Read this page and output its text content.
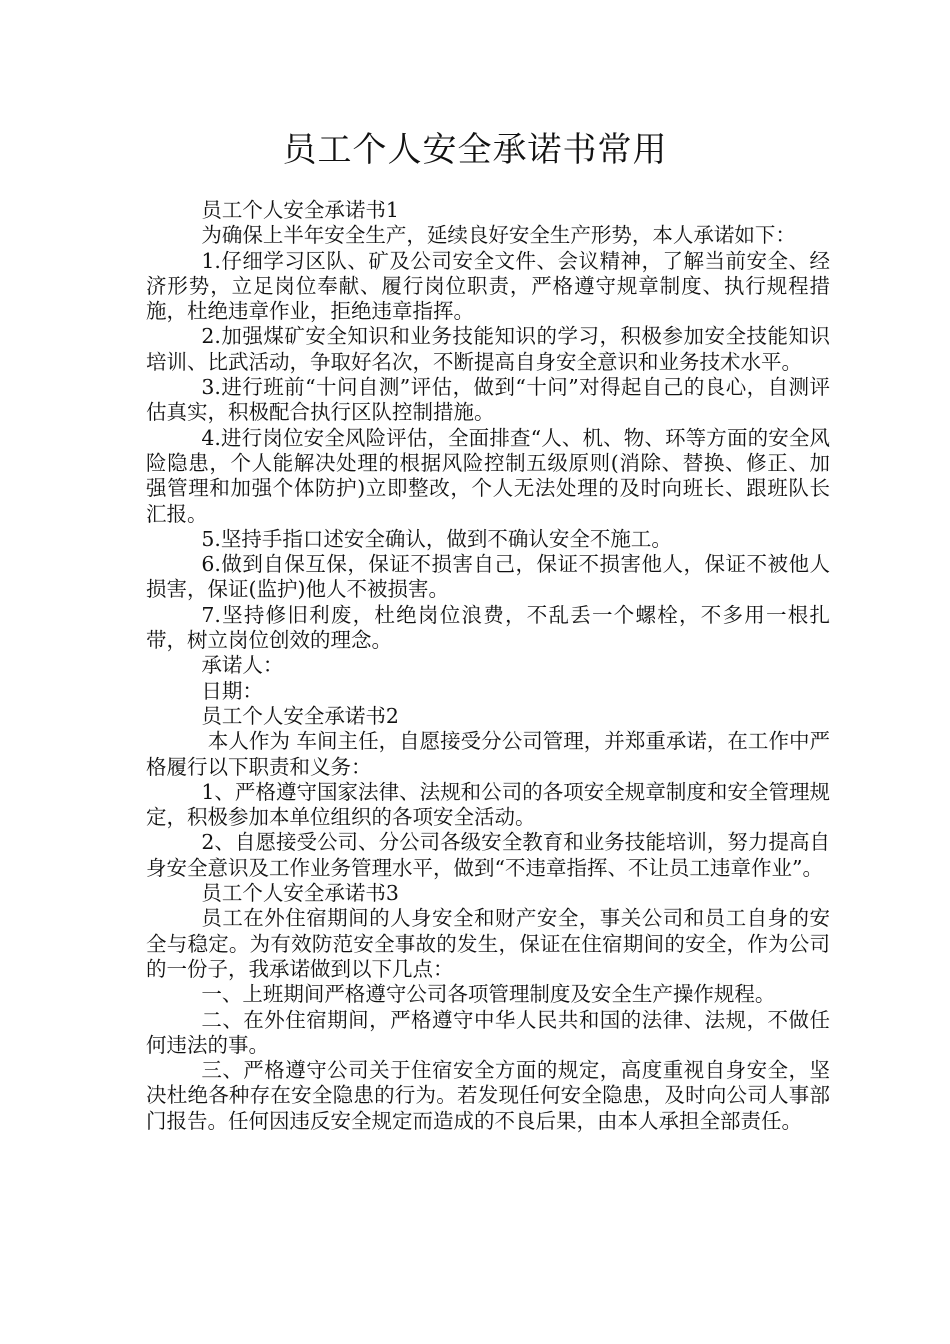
员工个人安全承诺书常用

员工个人安全承诺书1

为确保上半年安全生产，延续良好安全生产形势，本人承诺如下：

1.仔细学习区队、矿及公司安全文件、会议精神，了解当前安全、经济形势，立足岗位奉献、履行岗位职责，严格遵守规章制度、执行规程措施，杜绝违章作业，拒绝违章指挥。

2.加强煤矿安全知识和业务技能知识的学习，积极参加安全技能知识培训、比武活动，争取好名次，不断提高自身安全意识和业务技术水平。

3.进行班前“十问自测”评估，做到“十问”对得起自己的良心，自测评估真实，积极配合执行区队控制措施。

4.进行岗位安全风险评估，全面排查“人、机、物、环等方面的安全风险隐患，个人能解决处理的根据风险控制五级原则(消除、替换、修正、加强管理和加强个体防护)立即整改，个人无法处理的及时向班长、跟班队长汇报。

5.坚持手指口述安全确认，做到不确认安全不施工。

6.做到自保互保，保证不损害自己，保证不损害他人，保证不被他人损害，保证(监护)他人不被损害。

7.坚持修旧利废，杜绝岗位浪费，不乱丢一个螺栓，不多用一根扎带，树立岗位创效的理念。

承诺人：

日期：

员工个人安全承诺书2

本人作为 车间主任，自愿接受分公司管理，并郑重承诺，在工作中严格履行以下职责和义务：

1、严格遵守国家法律、法规和公司的各项安全规章制度和安全管理规定，积极参加本单位组织的各项安全活动。

2、自愿接受公司、分公司各级安全教育和业务技能培训，努力提高自身安全意识及工作业务管理水平，做到“不违章指挥、不让员工违章作业”。

员工个人安全承诺书3

员工在外住宿期间的人身安全和财产安全，事关公司和员工自身的安全与稳定。为有效防范安全事故的发生，保证在住宿期间的安全，作为公司的一份子，我承诺做到以下几点：

一、上班期间严格遵守公司各项管理制度及安全生产操作规程。

二、在外住宿期间，严格遵守中华人民共和国的法律、法规，不做任何违法的事。

三、严格遵守公司关于住宿安全方面的规定，高度重视自身安全，坚决杜绝各种存在安全隐患的行为。若发现任何安全隐患，及时向公司人事部门报告。任何因违反安全规定而造成的不良后果，由本人承担全部责任。
